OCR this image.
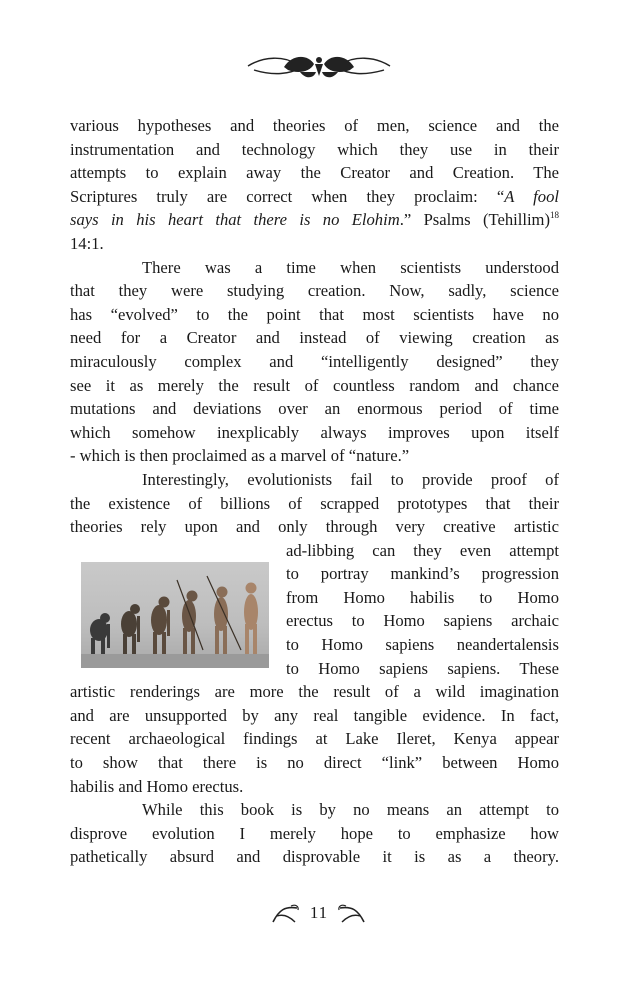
various hypotheses and theories of men, science and the
instrumentation and technology which they use in their
attempts to explain away the Creator and Creation. The
Scriptures truly are correct when they proclaim: “A fool
says in his heart that there is no Elohim.” Psalms (Tehillim)$^{18}$
14:1.
There was a time when scientists understood
that they were studying creation. Now, sadly, science
has “evolved” to the point that most scientists have no
need for a Creator and instead of viewing creation as
miraculously complex and “intelligently designed” they
see it as merely the result of countless random and chance
mutations and deviations over an enormous period of time
which somehow inexplicably always improves upon itself
- which is then proclaimed as a marvel of “nature.”
Interestingly, evolutionists fail to provide proof of
the existence of billions of scrapped prototypes that their
theories rely upon and only through very creative artistic
ad-libbing can they even attempt
to portray mankind’s progression
from Homo habilis to Homo
erectus to Homo sapiens archaic
to Homo sapiens neandertalensis
to Homo sapiens sapiens. These
artistic renderings are more the result of a wild imagination
and are unsupported by any real tangible evidence. In fact,
recent archaeological findings at Lake Ileret, Kenya appear
to show that there is no direct “link” between Homo
habilis and Homo erectus.
While this book is by no means an attempt to
disprove evolution I merely hope to emphasize how
pathetically absurd and disprovable it is as a theory.
11
